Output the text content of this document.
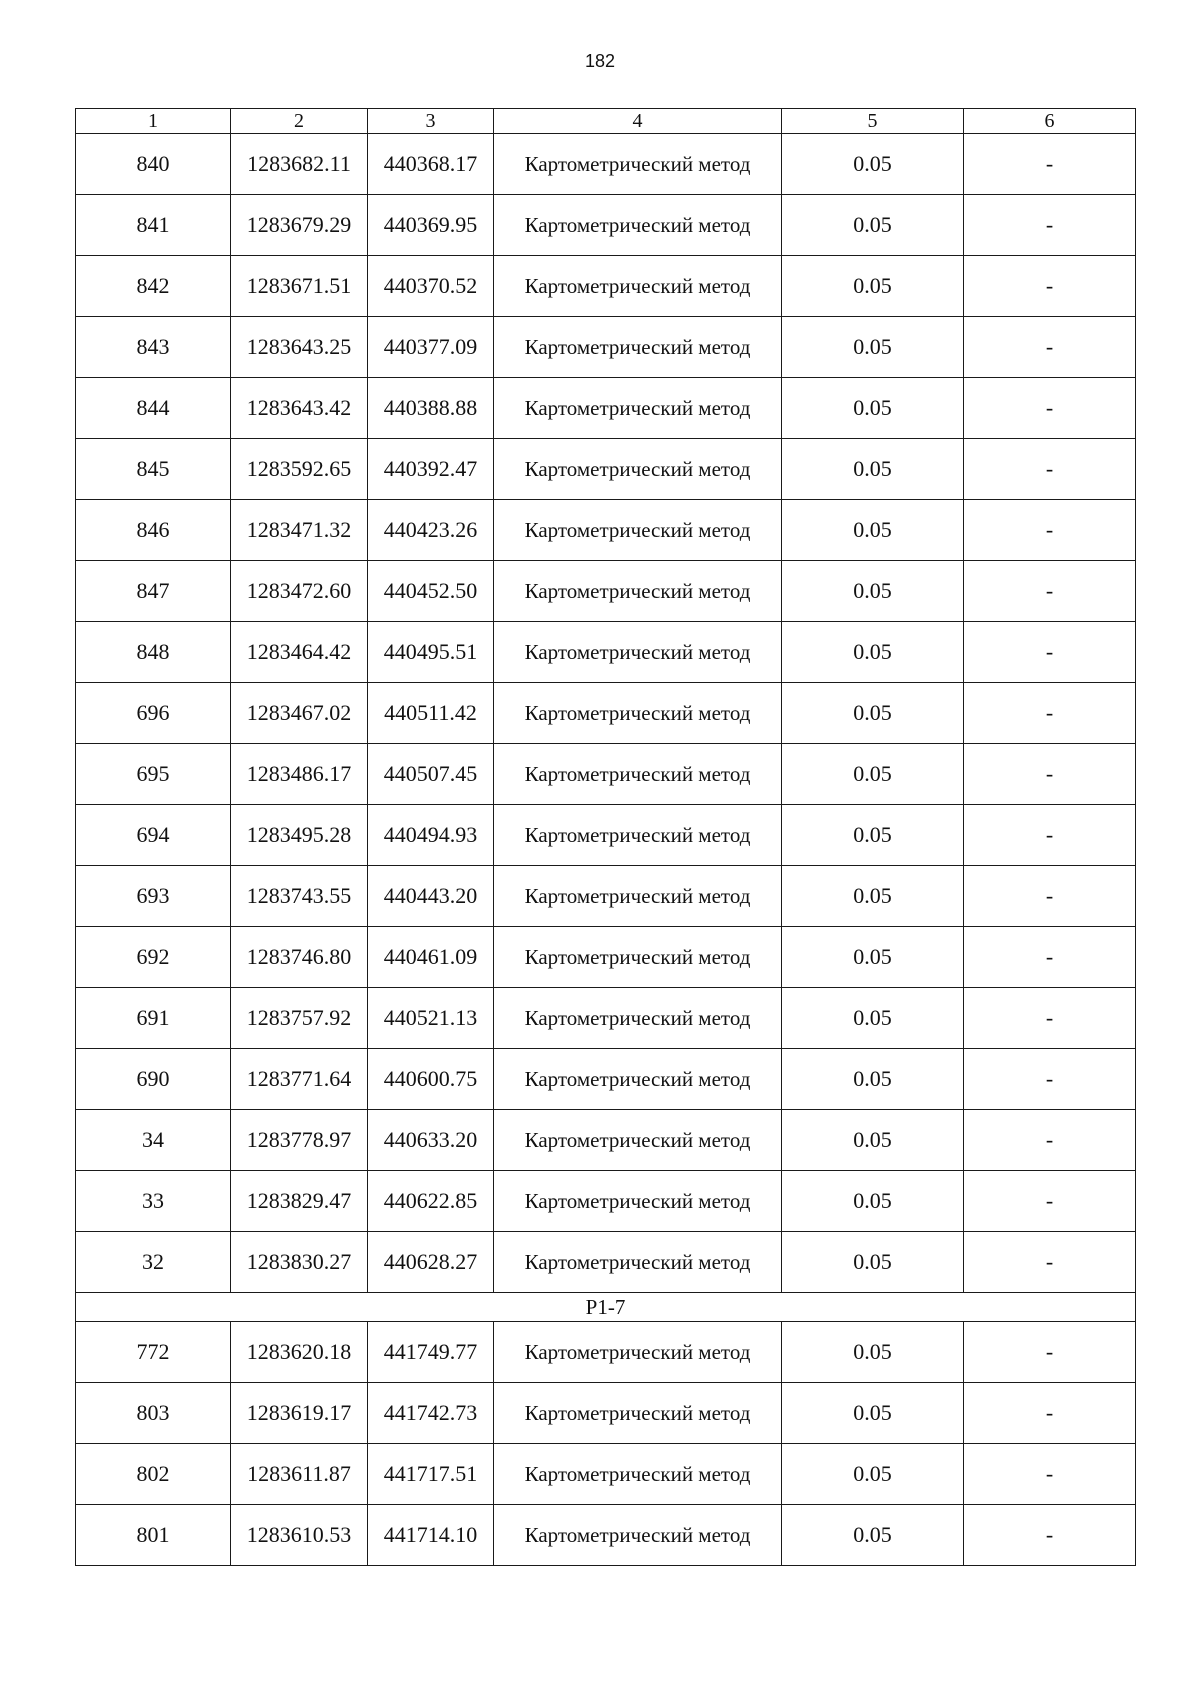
182
1	2	3	4	5	6
840	1283682.11	440368.17	Картометрический метод	0.05	-
841	1283679.29	440369.95	Картометрический метод	0.05	-
842	1283671.51	440370.52	Картометрический метод	0.05	-
843	1283643.25	440377.09	Картометрический метод	0.05	-
844	1283643.42	440388.88	Картометрический метод	0.05	-
845	1283592.65	440392.47	Картометрический метод	0.05	-
846	1283471.32	440423.26	Картометрический метод	0.05	-
847	1283472.60	440452.50	Картометрический метод	0.05	-
848	1283464.42	440495.51	Картометрический метод	0.05	-
696	1283467.02	440511.42	Картометрический метод	0.05	-
695	1283486.17	440507.45	Картометрический метод	0.05	-
694	1283495.28	440494.93	Картометрический метод	0.05	-
693	1283743.55	440443.20	Картометрический метод	0.05	-
692	1283746.80	440461.09	Картометрический метод	0.05	-
691	1283757.92	440521.13	Картометрический метод	0.05	-
690	1283771.64	440600.75	Картометрический метод	0.05	-
34	1283778.97	440633.20	Картометрический метод	0.05	-
33	1283829.47	440622.85	Картометрический метод	0.05	-
32	1283830.27	440628.27	Картометрический метод	0.05	-
Р1-7					
772	1283620.18	441749.77	Картометрический метод	0.05	-
803	1283619.17	441742.73	Картометрический метод	0.05	-
802	1283611.87	441717.51	Картометрический метод	0.05	-
801	1283610.53	441714.10	Картометрический метод	0.05	-
